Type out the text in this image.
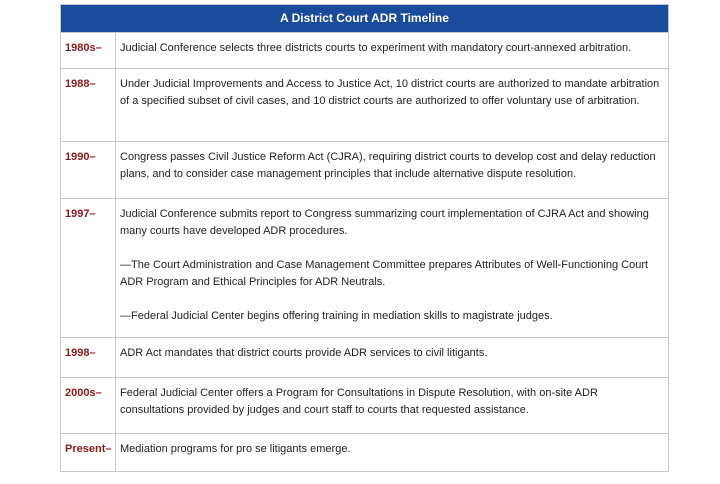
A District Court ADR Timeline
1980s–	Judicial Conference selects three districts courts to experiment with mandatory court-annexed arbitration.

1988–	Under Judicial Improvements and Access to Justice Act, 10 district courts are authorized to mandate arbitration of a specified subset of civil cases, and 10 district courts are authorized to offer voluntary use of arbitration.

1990–	Congress passes Civil Justice Reform Act (CJRA), requiring district courts to develop cost and delay reduction plans, and to consider case management principles that include alternative dispute resolution.

1997–	Judicial Conference submits report to Congress summarizing court implementation of CJRA Act and showing many courts have developed ADR procedures.

—The Court Administration and Case Management Committee prepares Attributes of Well-Functioning Court ADR Program and Ethical Principles for ADR Neutrals.

—Federal Judicial Center begins offering training in mediation skills to magistrate judges.

1998–	ADR Act mandates that district courts provide ADR services to civil litigants.

2000s–	Federal Judicial Center offers a Program for Consultations in Dispute Resolution, with on-site ADR consultations provided by judges and court staff to courts that requested assistance.

Present– Mediation programs for pro se litigants emerge.
